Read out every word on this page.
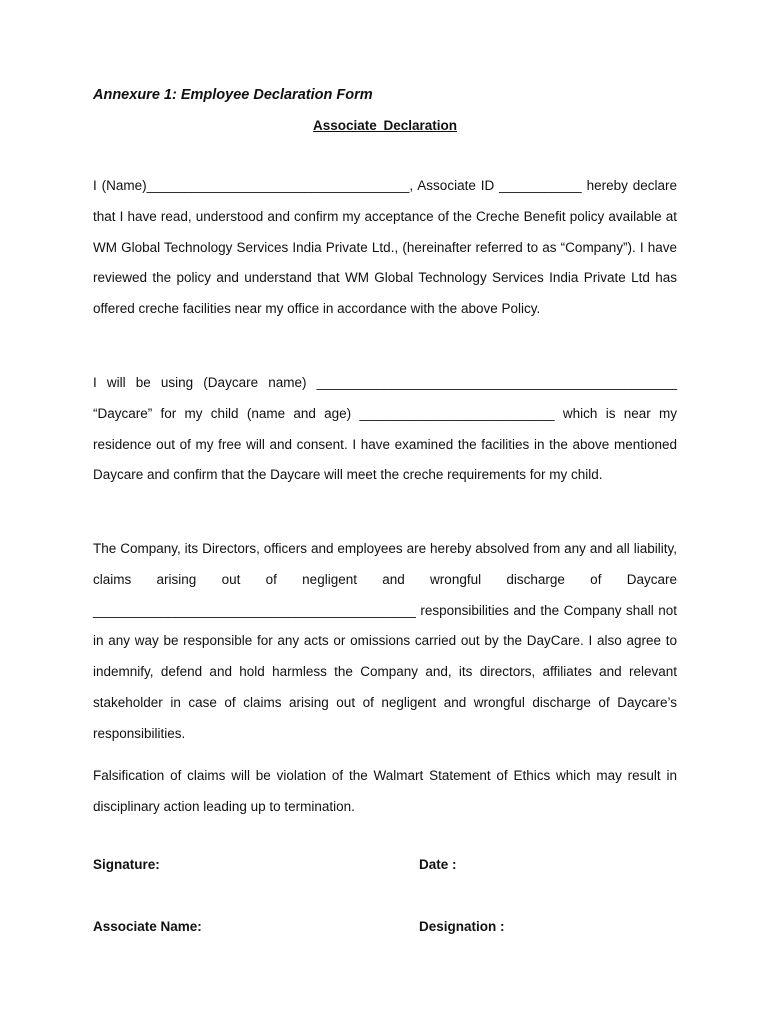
Annexure 1: Employee Declaration Form
Associate Declaration

I (Name)___________________________________, Associate ID ___________ hereby declare that I have read, understood and confirm my acceptance of the Creche Benefit policy available at WM Global Technology Services India Private Ltd., (hereinafter referred to as “Company”). I have reviewed the policy and understand that WM Global Technology Services India Private Ltd has offered creche facilities near my office in accordance with the above Policy.

I will be using (Daycare name) ________________________________________________ “Daycare” for my child (name and age) __________________________ which is near my residence out of my free will and consent. I have examined the facilities in the above mentioned Daycare and confirm that the Daycare will meet the creche requirements for my child.

The Company, its Directors, officers and employees are hereby absolved from any and all liability, claims arising out of negligent and wrongful discharge of Daycare ___________________________________________ responsibilities and the Company shall not in any way be responsible for any acts or omissions carried out by the DayCare. I also agree to indemnify, defend and hold harmless the Company and, its directors, affiliates and relevant stakeholder in case of claims arising out of negligent and wrongful discharge of Daycare’s responsibilities.

Falsification of claims will be violation of the Walmart Statement of Ethics which may result in disciplinary action leading up to termination.

Signature:	Date :
Associate Name:	Designation :
